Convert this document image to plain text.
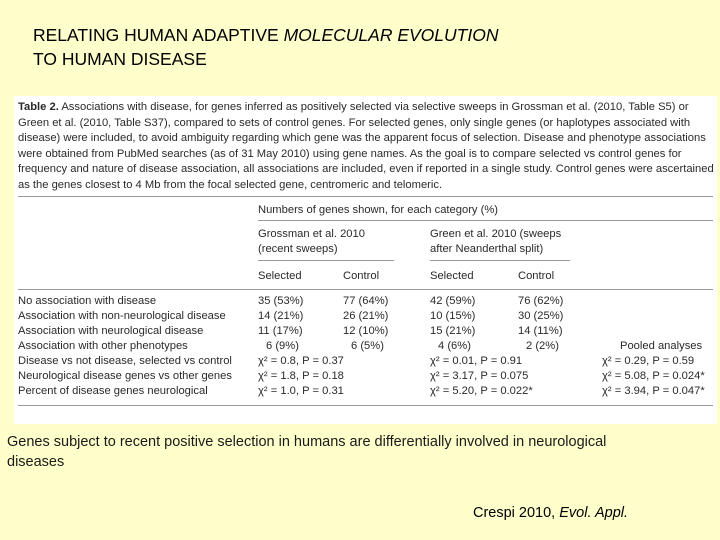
RELATING HUMAN ADAPTIVE MOLECULAR EVOLUTION
TO HUMAN DISEASE
Table 2. Associations with disease, for genes inferred as positively selected via selective sweeps in Grossman et al. (2010, Table S5) or Green et al. (2010, Table S37), compared to sets of control genes. For selected genes, only single genes (or haplotypes associated with disease) were included, to avoid ambiguity regarding which gene was the apparent focus of selection. Disease and phenotype associations were obtained from PubMed searches (as of 31 May 2010) using gene names. As the goal is to compare selected vs control genes for frequency and nature of disease association, all associations are included, even if reported in a single study. Control genes were ascertained as the genes closest to 4 Mb from the focal selected gene, centromeric and telomeric.
Numbers of genes shown, for each category (%)
Grossman et al. 2010
(recent sweeps)
Green et al. 2010 (sweeps
after Neanderthal split)
Selected	Control	Selected	Control
No association with disease	35 (53%)	77 (64%)	42 (59%)	76 (62%)
Association with non-neurological disease	14 (21%)	26 (21%)	10 (15%)	30 (25%)
Association with neurological disease	11 (17%)	12 (10%)	15 (21%)	14 (11%)
Association with other phenotypes	6 (9%)	6 (5%)	4 (6%)	2 (2%)	Pooled analyses
Disease vs not disease, selected vs control χ² = 0.8, P = 0.37	χ² = 0.01, P = 0.91	χ² = 0.29, P = 0.59
Neurological disease genes vs other genes χ² = 1.8, P = 0.18	χ² = 3.17, P = 0.075	χ² = 5.08, P = 0.024*
Percent of disease genes neurological	χ² = 1.0, P = 0.31	χ² = 5.20, P = 0.022*	χ² = 3.94, P = 0.047*
Genes subject to recent positive selection in humans are differentially involved in neurological diseases
Crespi 2010, Evol. Appl.
